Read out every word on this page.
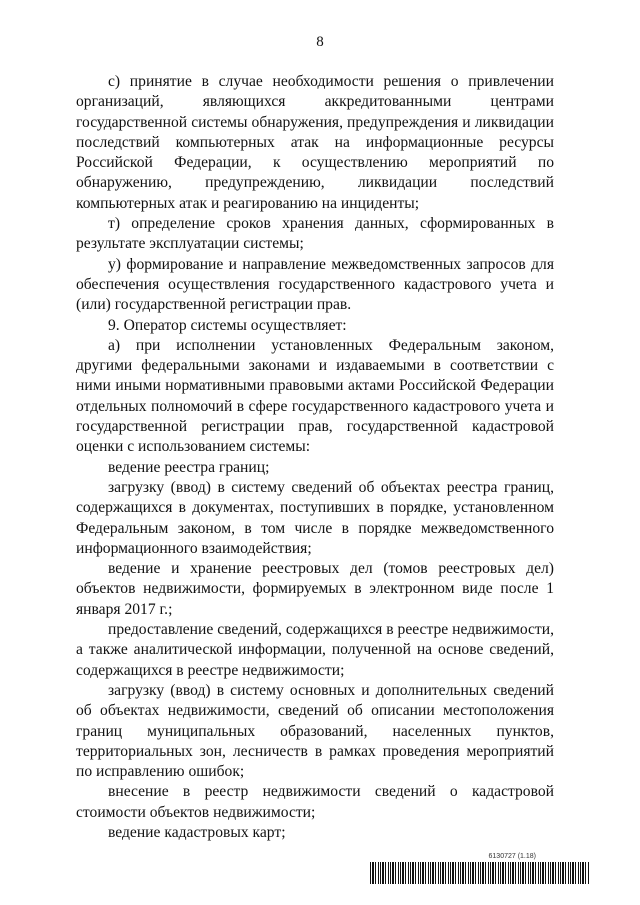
8

с) принятие в случае необходимости решения о привлечении организаций, являющихся аккредитованными центрами государственной системы обнаружения, предупреждения и ликвидации последствий компьютерных атак на информационные ресурсы Российской Федерации, к осуществлению мероприятий по обнаружению, предупреждению, ликвидации последствий компьютерных атак и реагированию на инциденты;

т) определение сроков хранения данных, сформированных в результате эксплуатации системы;

у) формирование и направление межведомственных запросов для обеспечения осуществления государственного кадастрового учета и (или) государственной регистрации прав.

9. Оператор системы осуществляет:

а) при исполнении установленных Федеральным законом, другими федеральными законами и издаваемыми в соответствии с ними иными нормативными правовыми актами Российской Федерации отдельных полномочий в сфере государственного кадастрового учета и государственной регистрации прав, государственной кадастровой оценки с использованием системы:

ведение реестра границ;

загрузку (ввод) в систему сведений об объектах реестра границ, содержащихся в документах, поступивших в порядке, установленном Федеральным законом, в том числе в порядке межведомственного информационного взаимодействия;

ведение и хранение реестровых дел (томов реестровых дел) объектов недвижимости, формируемых в электронном виде после 1 января 2017 г.;

предоставление сведений, содержащихся в реестре недвижимости, а также аналитической информации, полученной на основе сведений, содержащихся в реестре недвижимости;

загрузку (ввод) в систему основных и дополнительных сведений об объектах недвижимости, сведений об описании местоположения границ муниципальных образований, населенных пунктов, территориальных зон, лесничеств в рамках проведения мероприятий по исправлению ошибок;

внесение в реестр недвижимости сведений о кадастровой стоимости объектов недвижимости;

ведение кадастровых карт;

6130727 (1.18)
